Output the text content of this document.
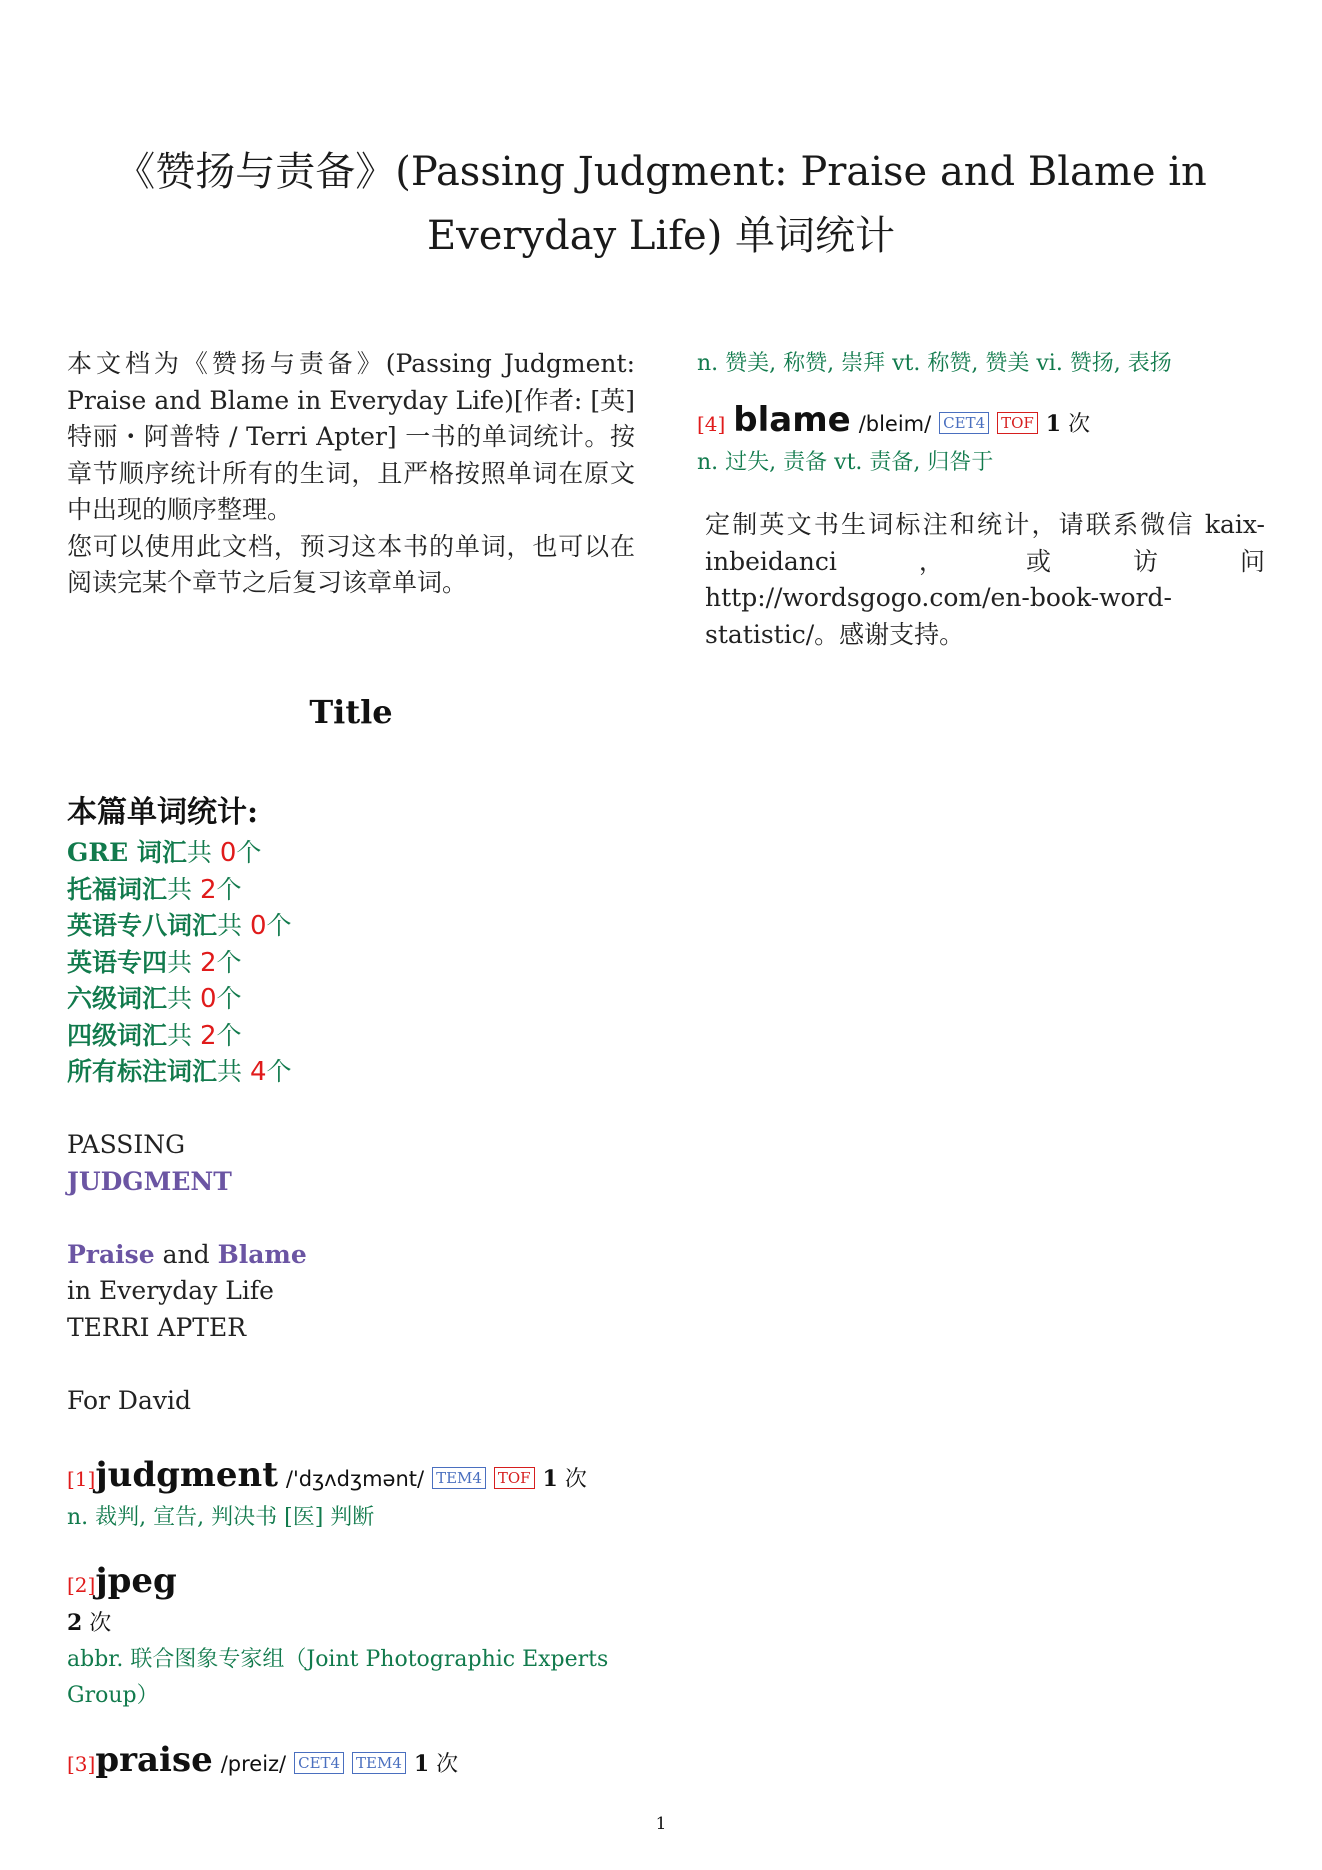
《赞扬与责备》(Passing Judgment: Praise and Blame in Everyday Life) 单词统计

本文档为《赞扬与责备》(Passing Judgment: Praise and Blame in Everyday Life)[作者: [英]特丽・阿普特 / Terri Apter] 一书的单词统计。按章节顺序统计所有的生词，且严格按照单词在原文中出现的顺序整理。

您可以使用此文档，预习这本书的单词，也可以在阅读完某个章节之后复习该章单词。

Title
本篇单词统计:
GRE 词汇共 0个
托福词汇共 2个
英语专八词汇共 0个
英语专四共 2个
六级词汇共 0个
四级词汇共 2个
所有标注词汇共 4个
PASSING
JUDGMENT
Praise and Blame
in Everyday Life
TERRI APTER
For David
[1]judgment /'dʒʌdʒmənt/ TEM4 TOF 1 次
n. 裁判, 宣告, 判决书 [医] 判断
[2]jpeg
2 次
abbr. 联合图象专家组（Joint Photographic Experts Group）
[3]praise /preiz/ CET4 TEM4 1 次
n. 赞美, 称赞, 崇拜 vt. 称赞, 赞美 vi. 赞扬, 表扬
[4] blame /bleim/ CET4 TOF 1 次
n. 过失, 责备 vt. 责备, 归咎于
定制英文书生词标注和统计，请联系微信 kaix-inbeidanci，或访问 http://wordsgogo.com/en-book-word-statistic/。感谢支持。
1
